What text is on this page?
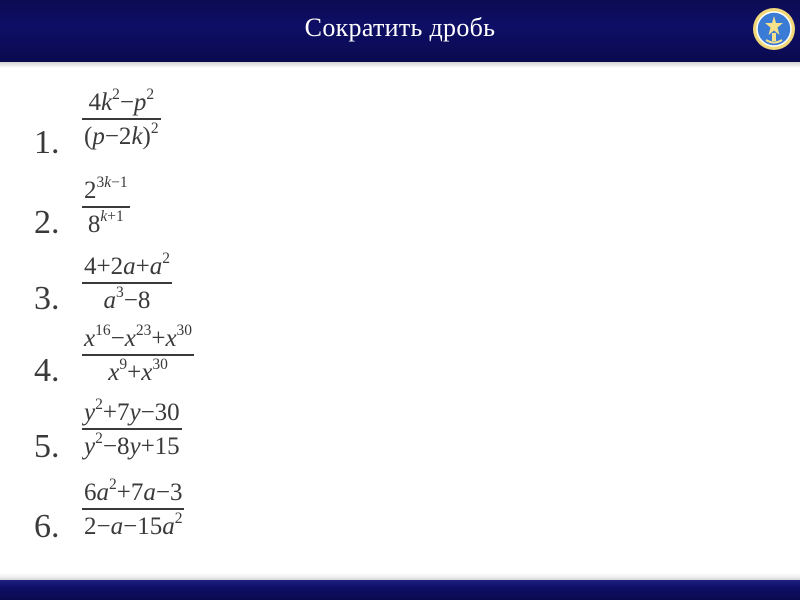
Сократить дробь
1.
$4k^2-p^2$
$(p-2k)^2$
2.
$2^{3k-1}$
$8^{k+1}$
3.
$4+2a+a^2$
$a^3-8$
4.
$x^{16}-x^{23}+x^{30}$
$x^9+x^{30}$
5.
$y^2+7y-30$
$y^2-8y+15$
6.
$6a^2+7a-3$
$2-a-15a^2$
